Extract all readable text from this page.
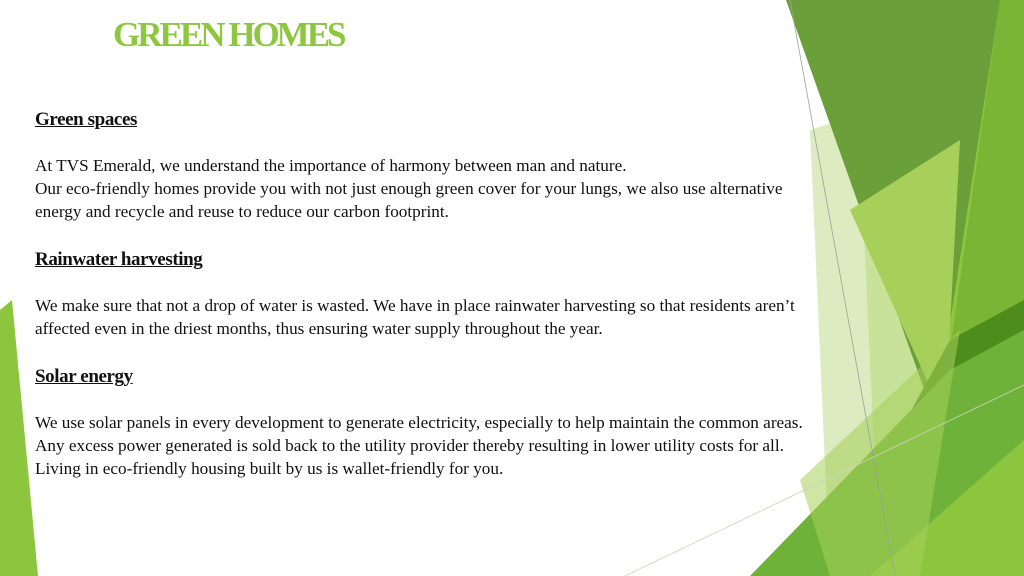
GREEN HOMES
Green spaces

At TVS Emerald, we understand the importance of harmony between man and nature.

Our eco-friendly homes provide you with not just enough green cover for your lungs, we also use alternative energy and recycle and reuse to reduce our carbon footprint.

Rainwater harvesting

We make sure that not a drop of water is wasted. We have in place rainwater harvesting so that residents aren’t affected even in the driest months, thus ensuring water supply throughout the year.

Solar energy

We use solar panels in every development to generate electricity, especially to help maintain the common areas. Any excess power generated is sold back to the utility provider thereby resulting in lower utility costs for all. Living in eco-friendly housing built by us is wallet-friendly for you.
